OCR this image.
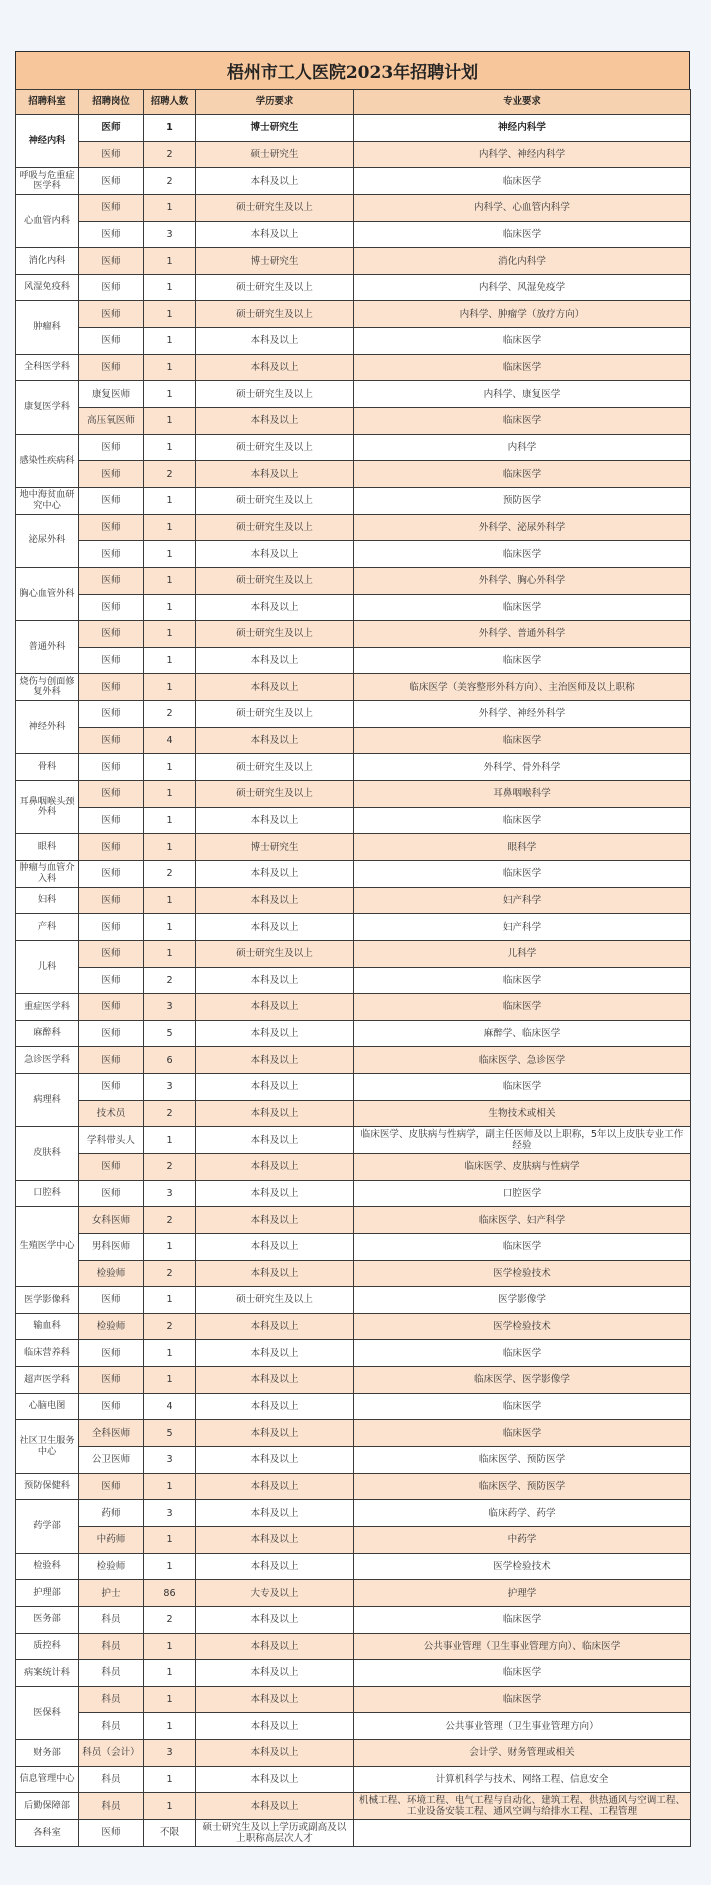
梧州市工人医院2023年招聘计划
招聘科室	招聘岗位	招聘人数	学历要求	专业要求
神经内科	医师	1	博士研究生	神经内科学
	医师	2	硕士研究生	内科学、神经内科学
呼吸与危重症医学科	医师	2	本科及以上	临床医学
心血管内科	医师	1	硕士研究生及以上	内科学、心血管内科学
	医师	3	本科及以上	临床医学
消化内科	医师	1	博士研究生	消化内科学
风湿免疫科	医师	1	硕士研究生及以上	内科学、风湿免疫学
肿瘤科	医师	1	硕士研究生及以上	内科学、肿瘤学（放疗方向）
	医师	1	本科及以上	临床医学
全科医学科	医师	1	本科及以上	临床医学
康复医学科	康复医师	1	硕士研究生及以上	内科学、康复医学
	高压氧医师	1	本科及以上	临床医学
感染性疾病科	医师	1	硕士研究生及以上	内科学
	医师	2	本科及以上	临床医学
地中海贫血研究中心	医师	1	硕士研究生及以上	预防医学
泌尿外科	医师	1	硕士研究生及以上	外科学、泌尿外科学
	医师	1	本科及以上	临床医学
胸心血管外科	医师	1	硕士研究生及以上	外科学、胸心外科学
	医师	1	本科及以上	临床医学
普通外科	医师	1	硕士研究生及以上	外科学、普通外科学
	医师	1	本科及以上	临床医学
烧伤与创面修复外科	医师	1	本科及以上	临床医学（美容整形外科方向）、主治医师及以上职称
神经外科	医师	2	硕士研究生及以上	外科学、神经外科学
	医师	4	本科及以上	临床医学
骨科	医师	1	硕士研究生及以上	外科学、骨外科学
耳鼻咽喉头颈外科	医师	1	硕士研究生及以上	耳鼻咽喉科学
	医师	1	本科及以上	临床医学
眼科	医师	1	博士研究生	眼科学
肿瘤与血管介入科	医师	2	本科及以上	临床医学
妇科	医师	1	本科及以上	妇产科学
产科	医师	1	本科及以上	妇产科学
儿科	医师	1	硕士研究生及以上	儿科学
	医师	2	本科及以上	临床医学
重症医学科	医师	3	本科及以上	临床医学
麻醉科	医师	5	本科及以上	麻醉学、临床医学
急诊医学科	医师	6	本科及以上	临床医学、急诊医学
病理科	医师	3	本科及以上	临床医学
	技术员	2	本科及以上	生物技术或相关
皮肤科	学科带头人	1	本科及以上	临床医学、皮肤病与性病学，副主任医师及以上职称，5年以上皮肤专业工作经验
	医师	2	本科及以上	临床医学、皮肤病与性病学
口腔科	医师	3	本科及以上	口腔医学
生殖医学中心	女科医师	2	本科及以上	临床医学、妇产科学
	男科医师	1	本科及以上	临床医学
	检验师	2	本科及以上	医学检验技术
医学影像科	医师	1	硕士研究生及以上	医学影像学
输血科	检验师	2	本科及以上	医学检验技术
临床营养科	医师	1	本科及以上	临床医学
超声医学科	医师	1	本科及以上	临床医学、医学影像学
心脑电图	医师	4	本科及以上	临床医学
社区卫生服务中心	全科医师	5	本科及以上	临床医学
	公卫医师	3	本科及以上	临床医学、预防医学
预防保健科	医师	1	本科及以上	临床医学、预防医学
药学部	药师	3	本科及以上	临床药学、药学
	中药师	1	本科及以上	中药学
检验科	检验师	1	本科及以上	医学检验技术
护理部	护士	86	大专及以上	护理学
医务部	科员	2	本科及以上	临床医学
质控科	科员	1	本科及以上	公共事业管理（卫生事业管理方向）、临床医学
病案统计科	科员	1	本科及以上	临床医学
医保科	科员	1	本科及以上	临床医学
	科员	1	本科及以上	公共事业管理（卫生事业管理方向）
财务部	科员（会计）	3	本科及以上	会计学、财务管理或相关
信息管理中心	科员	1	本科及以上	计算机科学与技术、网络工程、信息安全
后勤保障部	科员	1	本科及以上	机械工程、环境工程、电气工程与自动化、建筑工程、供热通风与空调工程、工业设备安装工程、通风空调与给排水工程、工程管理
各科室	医师	不限	硕士研究生及以上学历或副高及以上职称高层次人才	
